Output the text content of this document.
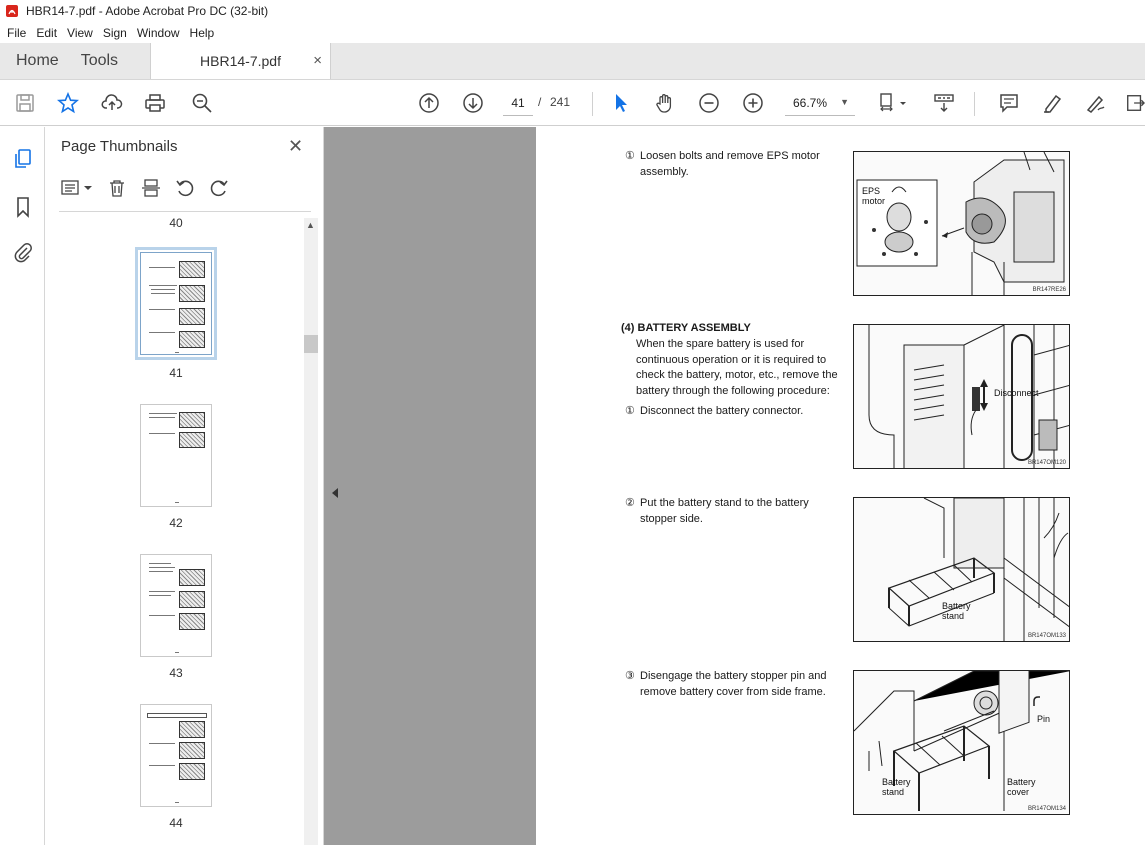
HBR14-7.pdf - Adobe Acrobat Pro DC (32-bit)
File Edit View Sign Window Help
Home Tools	HBR14-7.pdf ×
41	/ 241	66.7% ▼
Page Thumbnails	✕
40
41
42
43
44
▲
① Loosen bolts and remove EPS motor
assembly.
EPS
motor
BR147RE26
(4) BATTERY ASSEMBLY
When the spare battery is used for
continuous operation or it is required to
check the battery, motor, etc., remove the
battery through the following procedure:
① Disconnect the battery connector.
Disconnect
BR147OM120
② Put the battery stand to the battery
stopper side.
Battery
stand
BR147OM133
③ Disengage the battery stopper pin and
remove battery cover from side frame.
Pin
Battery
stand
Battery
cover
BR147OM134
